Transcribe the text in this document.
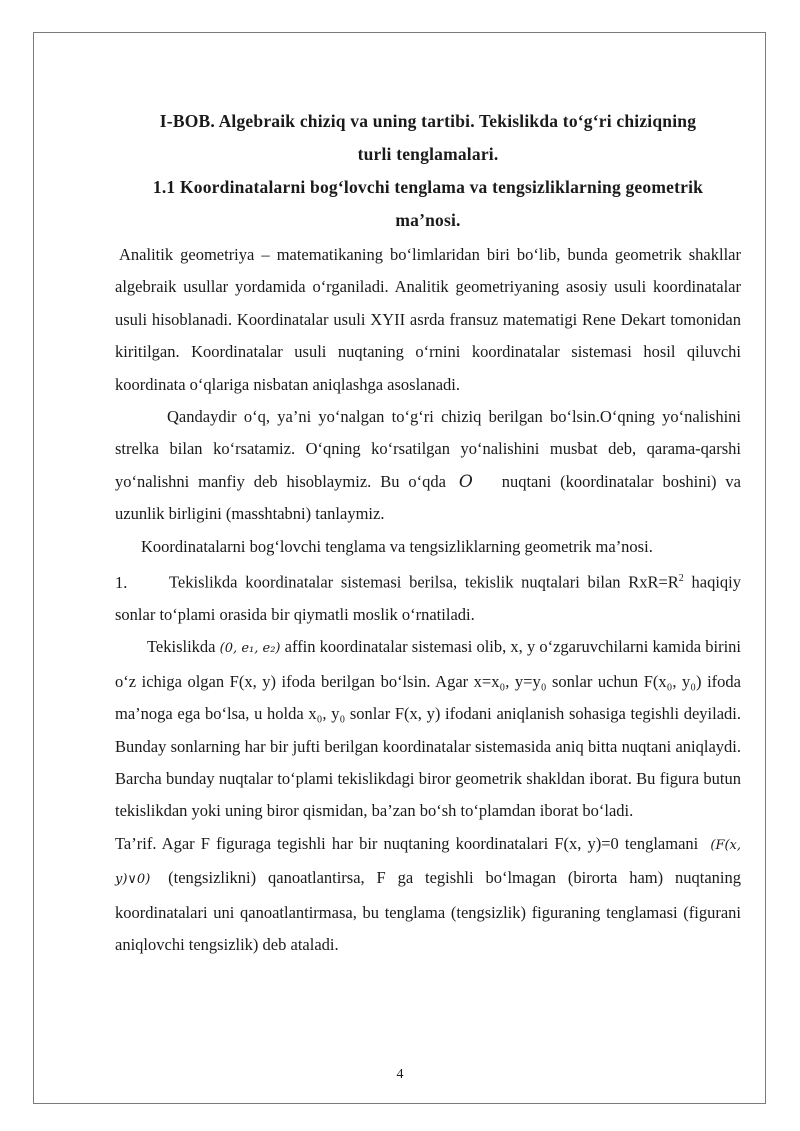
I-BOB. Algebraik chiziq va uning tartibi. Tekislikda to‘g‘ri chiziqning
turli tenglamalari.
1.1 Koordinatalarni bog‘lovchi tenglama va tengsizliklarning geometrik
ma’nosi.

Analitik geometriya – matematikaning bo‘limlaridan biri bo‘lib, bunda geometrik shakllar algebraik usullar yordamida o‘rganiladi. Analitik geometriyaning asosiy usuli koordinatalar usuli hisoblanadi. Koordinatalar usuli XYII asrda fransuz matematigi Rene Dekart tomonidan kiritilgan. Koordinatalar usuli nuqtaning o‘rnini koordinatalar sistemasi hosil qiluvchi koordinata o‘qlariga nisbatan aniqlashga asoslanadi.

Qandaydir o‘q, ya’ni yo‘nalgan to‘g‘ri chiziq berilgan bo‘lsin.O‘qning yo‘nalishini strelka bilan ko‘rsatamiz. O‘qning ko‘rsatilgan yo‘nalishini musbat deb, qarama-qarshi yo‘nalishni manfiy deb hisoblaymiz. Bu o‘qda O nuqtani (koordinatalar boshini) va uzunlik birligini (masshtabni) tanlaymiz.

Koordinatalarni bog‘lovchi tenglama va tengsizliklarning geometrik ma’nosi.

1.	Tekislikda koordinatalar sistemasi berilsa, tekislik nuqtalari bilan $RxR=R^2$ haqiqiy sonlar to‘plami orasida bir qiymatli moslik o‘rnatiladi.

Tekislikda (0, e₁, e₂) affin koordinatalar sistemasi olib, x, y o‘zgaruvchilarni kamida birini o‘z ichiga olgan F(x, y) ifoda berilgan bo‘lsin. Agar x=x₀, y=y₀ sonlar uchun F(x₀, y₀) ifoda ma’noga ega bo‘lsa, u holda x₀, y₀ sonlar F(x, y) ifodani aniqlanish sohasiga tegishli deyiladi. Bunday sonlarning har bir jufti berilgan koordinatalar sistemasida aniq bitta nuqtani aniqlaydi. Barcha bunday nuqtalar to‘plami tekislikdagi biror geometrik shakldan iborat. Bu figura butun tekislikdan yoki uning biror qismidan, ba’zan bo‘sh to‘plamdan iborat bo‘ladi.

Ta’rif. Agar F figuraga tegishli har bir nuqtaning koordinatalari F(x, y)=0 tenglamani (F(x, y)∨0) (tengsizlikni) qanoatlantirsa, F ga tegishli bo‘lmagan (birorta ham) nuqtaning koordinatalari uni qanoatlantirmasa, bu tenglama (tengsizlik) figuraning tenglamasi (figurani aniqlovchi tengsizlik) deb ataladi.

4
